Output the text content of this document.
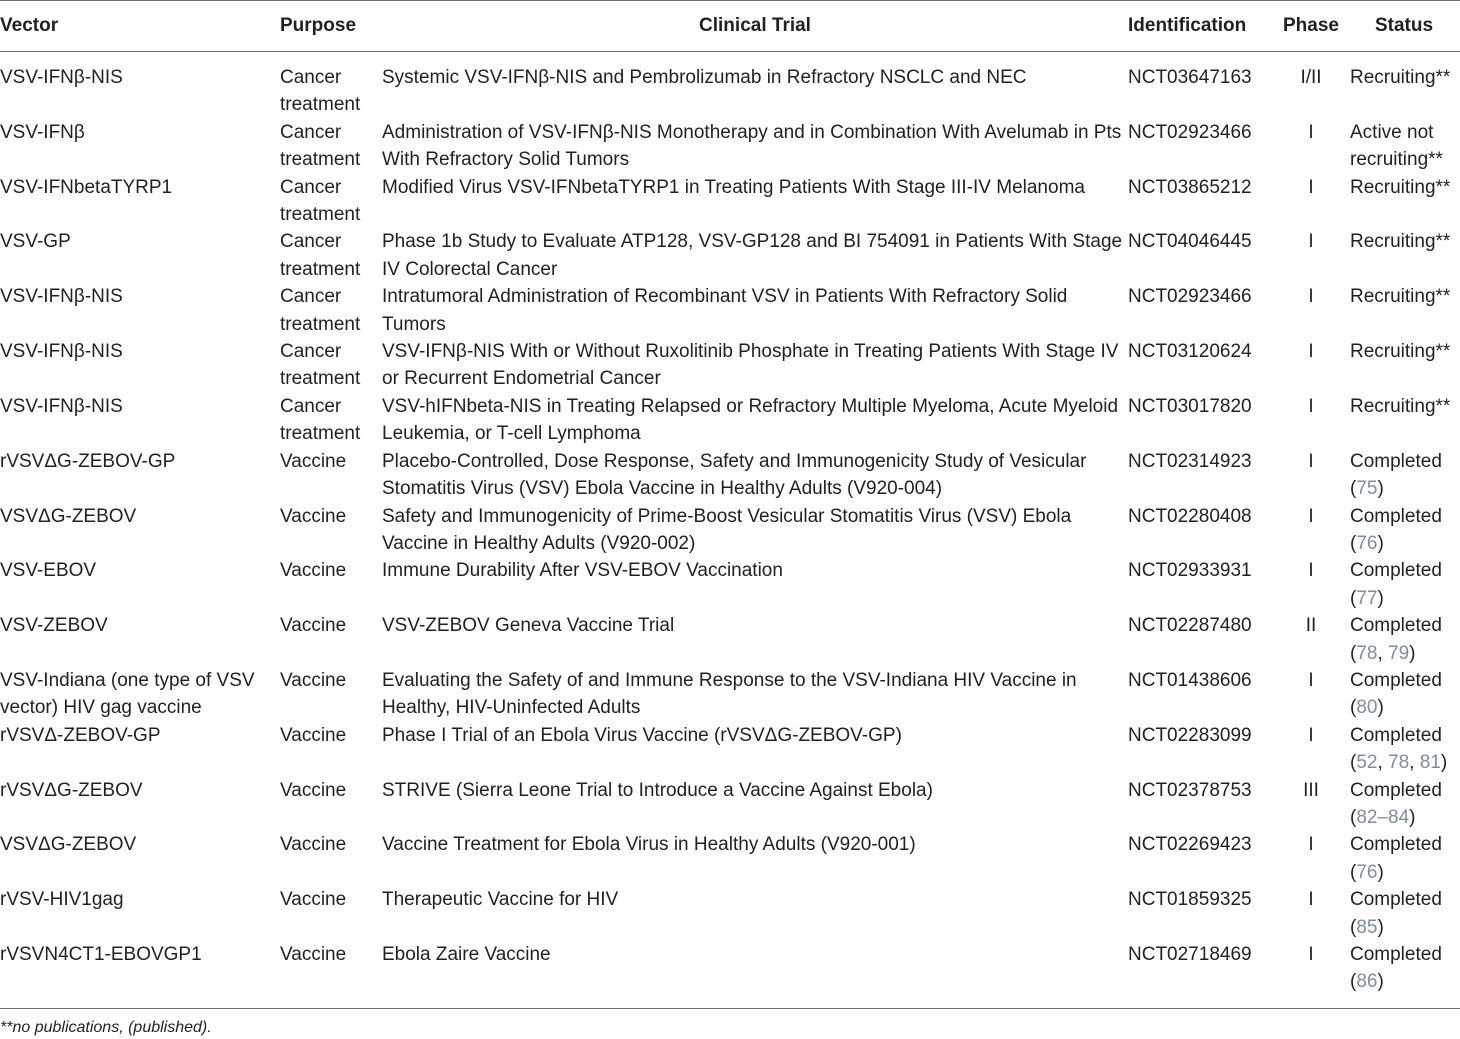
Vector	Purpose	Clinical Trial	Identification	Phase	Status
VSV-IFNβ-NIS	Cancer treatment	Systemic VSV-IFNβ-NIS and Pembrolizumab in Refractory NSCLC and NEC	NCT03647163	I/II	Recruiting**
VSV-IFNβ	Cancer treatment	Administration of VSV-IFNβ-NIS Monotherapy and in Combination With Avelumab in Pts With Refractory Solid Tumors	NCT02923466	I	Active not recruiting**
VSV-IFNbetaTYRP1	Cancer treatment	Modified Virus VSV-IFNbetaTYRP1 in Treating Patients With Stage III-IV Melanoma	NCT03865212	I	Recruiting**
VSV-GP	Cancer treatment	Phase 1b Study to Evaluate ATP128, VSV-GP128 and BI 754091 in Patients With Stage IV Colorectal Cancer	NCT04046445	I	Recruiting**
VSV-IFNβ-NIS	Cancer treatment	Intratumoral Administration of Recombinant VSV in Patients With Refractory Solid Tumors	NCT02923466	I	Recruiting**
VSV-IFNβ-NIS	Cancer treatment	VSV-IFNβ-NIS With or Without Ruxolitinib Phosphate in Treating Patients With Stage IV or Recurrent Endometrial Cancer	NCT03120624	I	Recruiting**
VSV-IFNβ-NIS	Cancer treatment	VSV-hIFNbeta-NIS in Treating Relapsed or Refractory Multiple Myeloma, Acute Myeloid Leukemia, or T-cell Lymphoma	NCT03017820	I	Recruiting**
rVSVΔG-ZEBOV-GP	Vaccine	Placebo-Controlled, Dose Response, Safety and Immunogenicity Study of Vesicular Stomatitis Virus (VSV) Ebola Vaccine in Healthy Adults (V920-004)	NCT02314923	I	Completed (75)
VSVΔG-ZEBOV	Vaccine	Safety and Immunogenicity of Prime-Boost Vesicular Stomatitis Virus (VSV) Ebola Vaccine in Healthy Adults (V920-002)	NCT02280408	I	Completed (76)
VSV-EBOV	Vaccine	Immune Durability After VSV-EBOV Vaccination	NCT02933931	I	Completed (77)
VSV-ZEBOV	Vaccine	VSV-ZEBOV Geneva Vaccine Trial	NCT02287480	II	Completed (78, 79)
VSV-Indiana (one type of VSV vector) HIV gag vaccine	Vaccine	Evaluating the Safety of and Immune Response to the VSV-Indiana HIV Vaccine in Healthy, HIV-Uninfected Adults	NCT01438606	I	Completed (80)
rVSVΔ-ZEBOV-GP	Vaccine	Phase I Trial of an Ebola Virus Vaccine (rVSVΔG-ZEBOV-GP)	NCT02283099	I	Completed (52, 78, 81)
rVSVΔG-ZEBOV	Vaccine	STRIVE (Sierra Leone Trial to Introduce a Vaccine Against Ebola)	NCT02378753	III	Completed (82–84)
VSVΔG-ZEBOV	Vaccine	Vaccine Treatment for Ebola Virus in Healthy Adults (V920-001)	NCT02269423	I	Completed (76)
rVSV-HIV1gag	Vaccine	Therapeutic Vaccine for HIV	NCT01859325	I	Completed (85)
rVSVN4CT1-EBOVGP1	Vaccine	Ebola Zaire Vaccine	NCT02718469	I	Completed (86)
**no publications, (published).
